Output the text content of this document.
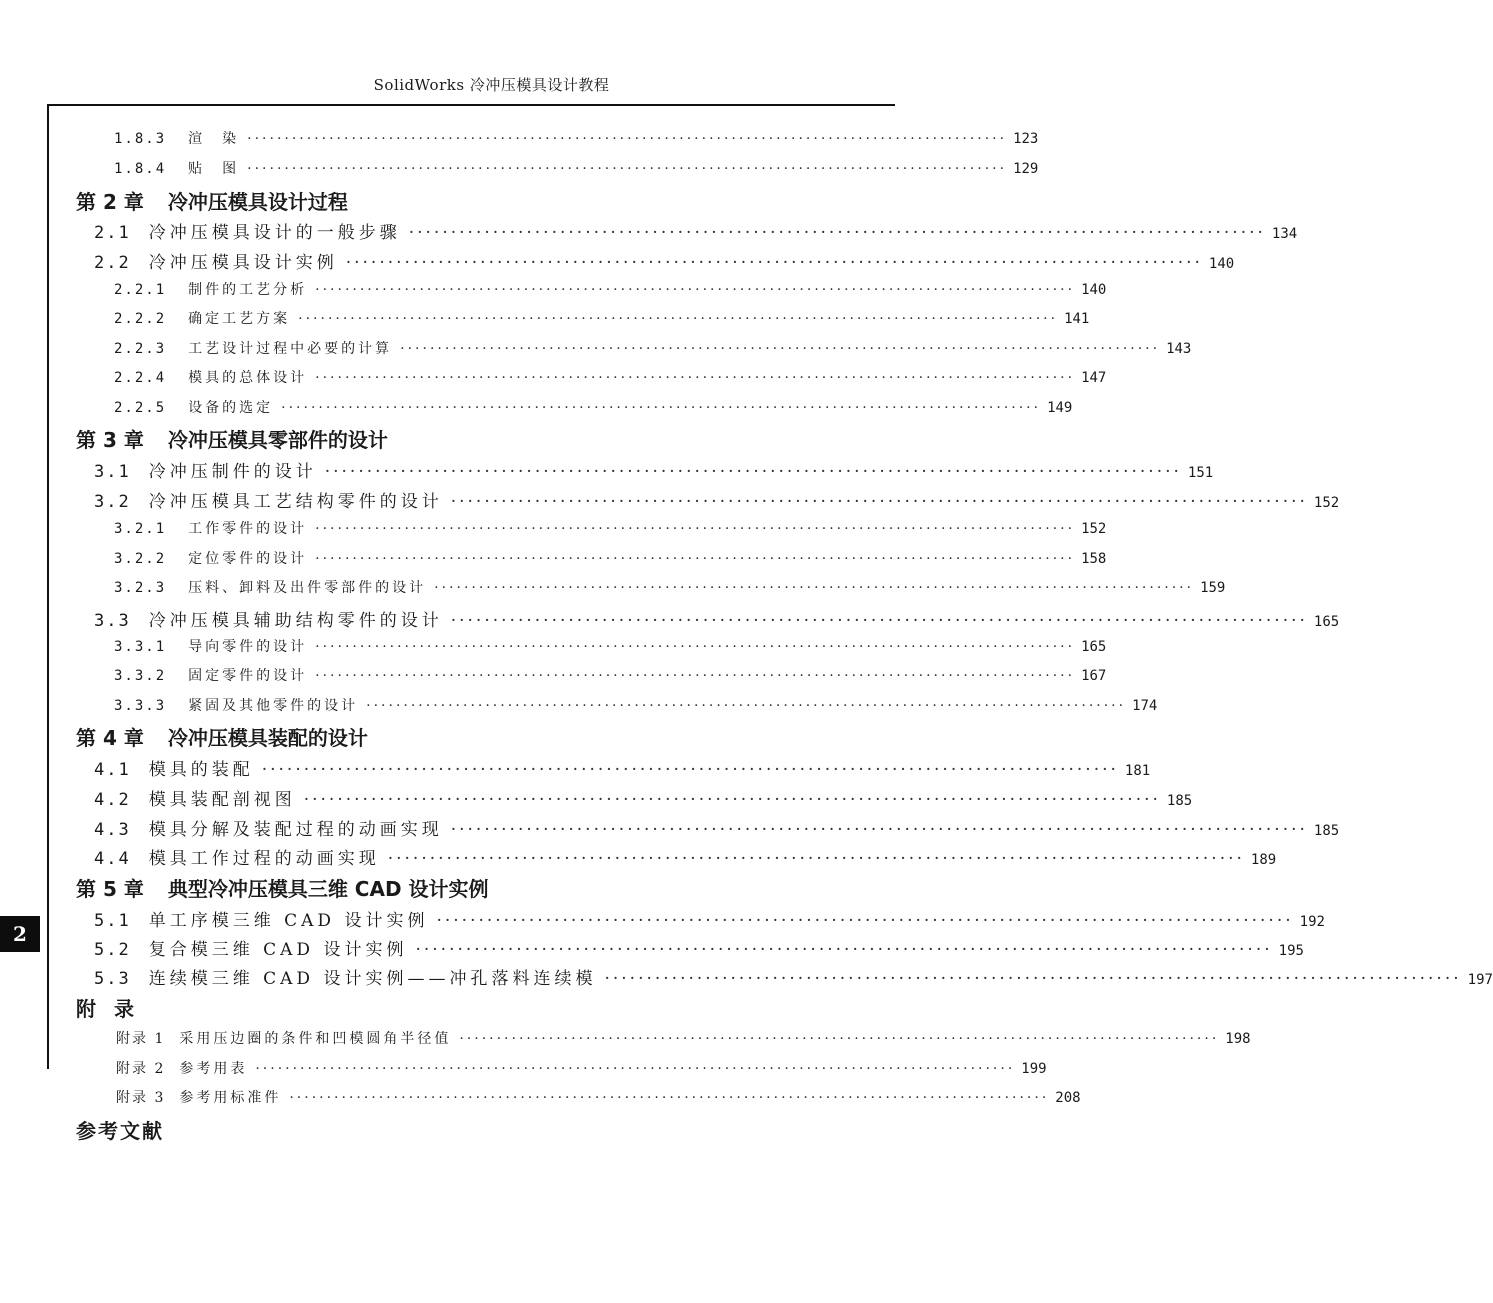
SolidWorks 冷冲压模具设计教程
2
1.8.3	渲　染 ······································································································ 123
1.8.4	贴　图 ······································································································ 129
第 2 章 冷冲压模具设计过程
2.1	冷冲压模具设计的一般步骤 ······································································································ 134
2.2	冷冲压模具设计实例 ······································································································ 140
2.2.1	制件的工艺分析 ······································································································ 140
2.2.2	确定工艺方案 ······································································································ 141
2.2.3	工艺设计过程中必要的计算 ······································································································ 143
2.2.4	模具的总体设计 ······································································································ 147
2.2.5	设备的选定 ······································································································ 149
第 3 章 冷冲压模具零部件的设计
3.1	冷冲压制件的设计 ······································································································ 151
3.2	冷冲压模具工艺结构零件的设计 ······································································································ 152
3.2.1	工作零件的设计 ······································································································ 152
3.2.2	定位零件的设计 ······································································································ 158
3.2.3	压料、卸料及出件零部件的设计 ······································································································ 159
3.3	冷冲压模具辅助结构零件的设计 ······································································································ 165
3.3.1	导向零件的设计 ······································································································ 165
3.3.2	固定零件的设计 ······································································································ 167
3.3.3	紧固及其他零件的设计 ······································································································ 174
第 4 章 冷冲压模具装配的设计
4.1	模具的装配 ······································································································ 181
4.2	模具装配剖视图 ······································································································ 185
4.3	模具分解及装配过程的动画实现 ······································································································ 185
4.4	模具工作过程的动画实现 ······································································································ 189
第 5 章 典型冷冲压模具三维 CAD 设计实例
5.1	单工序模三维 CAD 设计实例 ······································································································ 192
5.2	复合模三维 CAD 设计实例 ······································································································ 195
5.3	连续模三维 CAD 设计实例——冲孔落料连续模 ······································································································ 197
附录
附录 1	采用压边圈的条件和凹模圆角半径值 ······································································································ 198
附录 2	参考用表 ······································································································ 199
附录 3	参考用标准件 ······································································································ 208
参考文献
